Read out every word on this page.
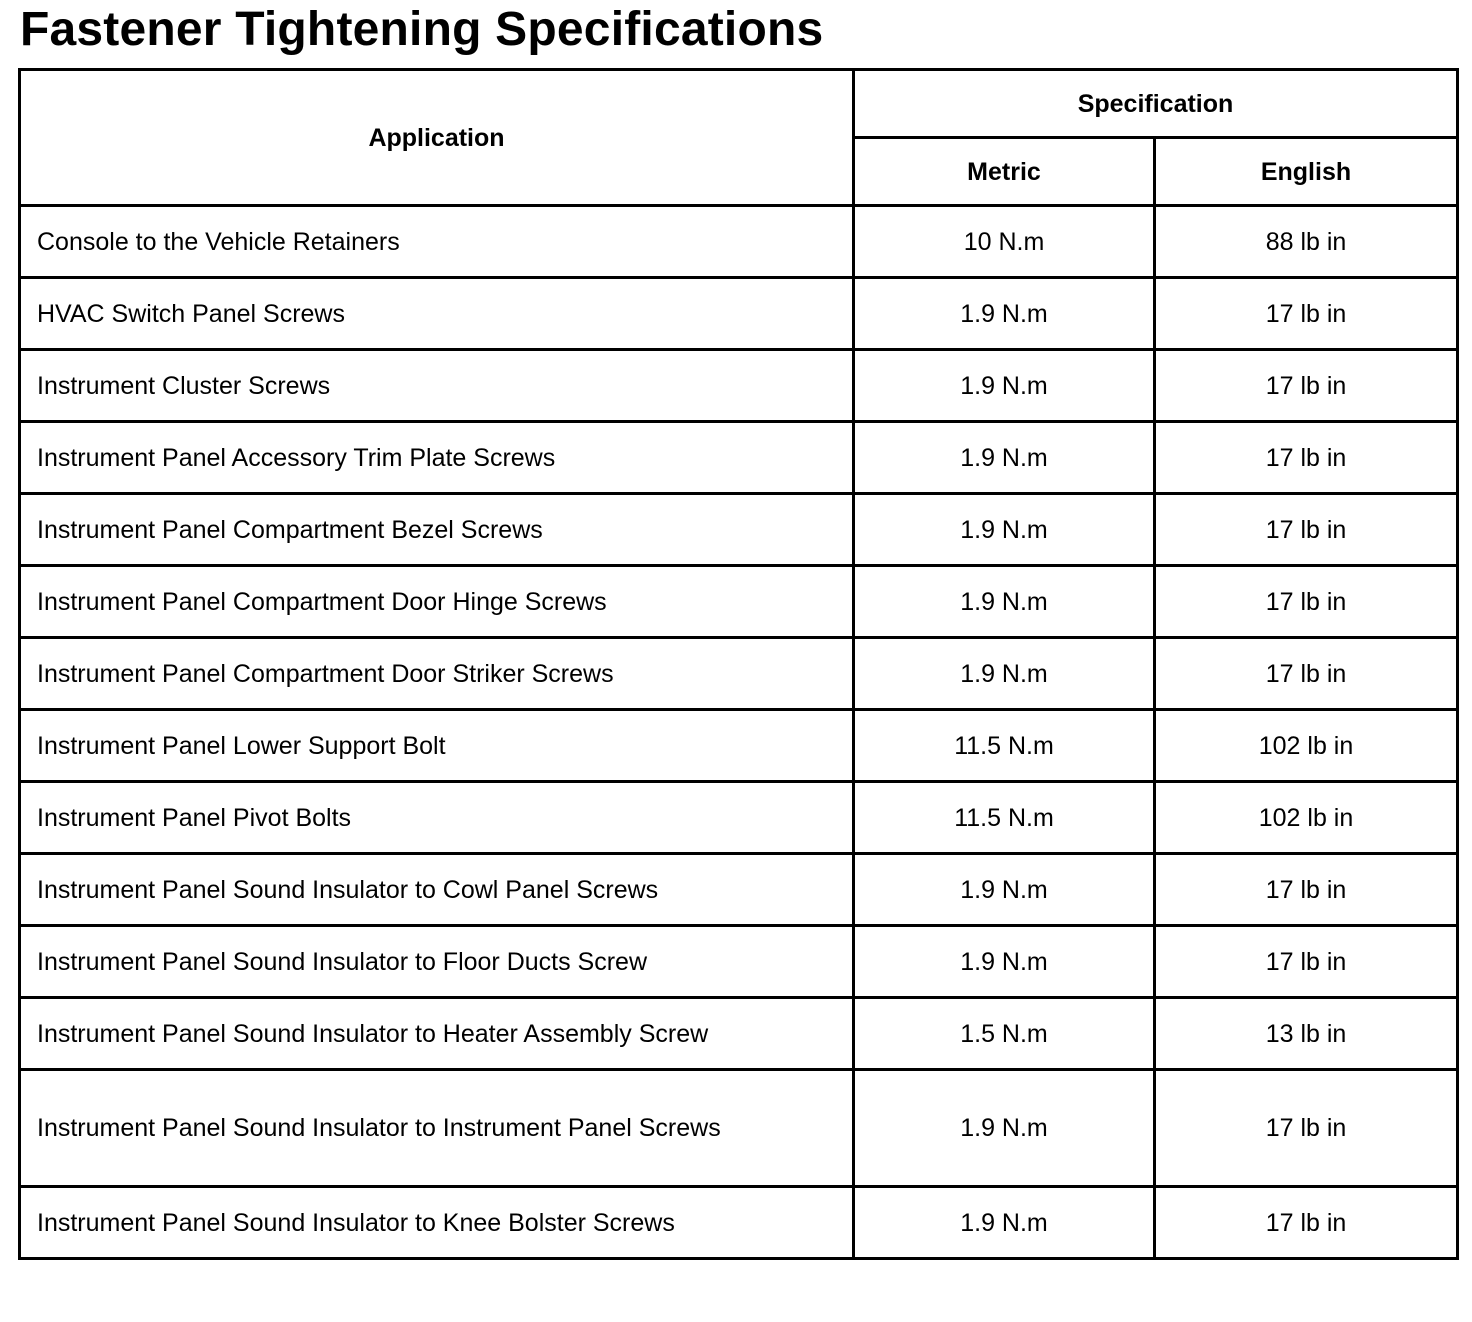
Fastener Tightening Specifications
Application	Specification	
	Metric	English
Console to the Vehicle Retainers	10 N.m	88 lb in
HVAC Switch Panel Screws	1.9 N.m	17 lb in
Instrument Cluster Screws	1.9 N.m	17 lb in
Instrument Panel Accessory Trim Plate Screws	1.9 N.m	17 lb in
Instrument Panel Compartment Bezel Screws	1.9 N.m	17 lb in
Instrument Panel Compartment Door Hinge Screws	1.9 N.m	17 lb in
Instrument Panel Compartment Door Striker Screws	1.9 N.m	17 lb in
Instrument Panel Lower Support Bolt	11.5 N.m	102 lb in
Instrument Panel Pivot Bolts	11.5 N.m	102 lb in
Instrument Panel Sound Insulator to Cowl Panel Screws	1.9 N.m	17 lb in
Instrument Panel Sound Insulator to Floor Ducts Screw	1.9 N.m	17 lb in
Instrument Panel Sound Insulator to Heater Assembly Screw	1.5 N.m	13 lb in
Instrument Panel Sound Insulator to Instrument Panel Screws	1.9 N.m	17 lb in
Instrument Panel Sound Insulator to Knee Bolster Screws	1.9 N.m	17 lb in
